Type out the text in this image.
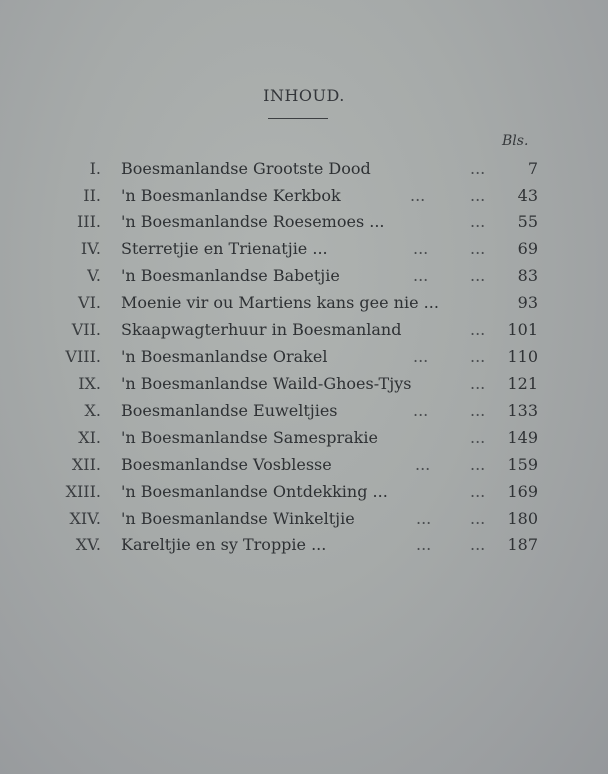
INHOUD.
Bls.
I. Boesmanlandse Grootste Dood	...	7
II. 'n Boesmanlandse Kerkbok	...	... 43
III. 'n Boesmanlandse Roesemoes ...	... 55
IV. Sterretjie en Trienatjie ...	...	... 69
V. 'n Boesmanlandse Babetjie	...	... 83
VI. Moenie vir ou Martiens kans gee nie ...	93
VII. Skaapwagterhuur in Boesmanland	... 101
VIII. 'n Boesmanlandse Orakel	...	... 110
IX. 'n Boesmanlandse Waild-Ghoes-Tjys	... 121
X. Boesmanlandse Euweltjies	...	... 133
XI. 'n Boesmanlandse Samesprakie	... 149
XII. Boesmanlandse Vosblesse	... ... 159
XIII. 'n Boesmanlandse Ontdekking ...	... 169
XIV. 'n Boesmanlandse Winkeltjie	... ... 180
XV. Kareltjie en sy Troppie ...	... ... 187
